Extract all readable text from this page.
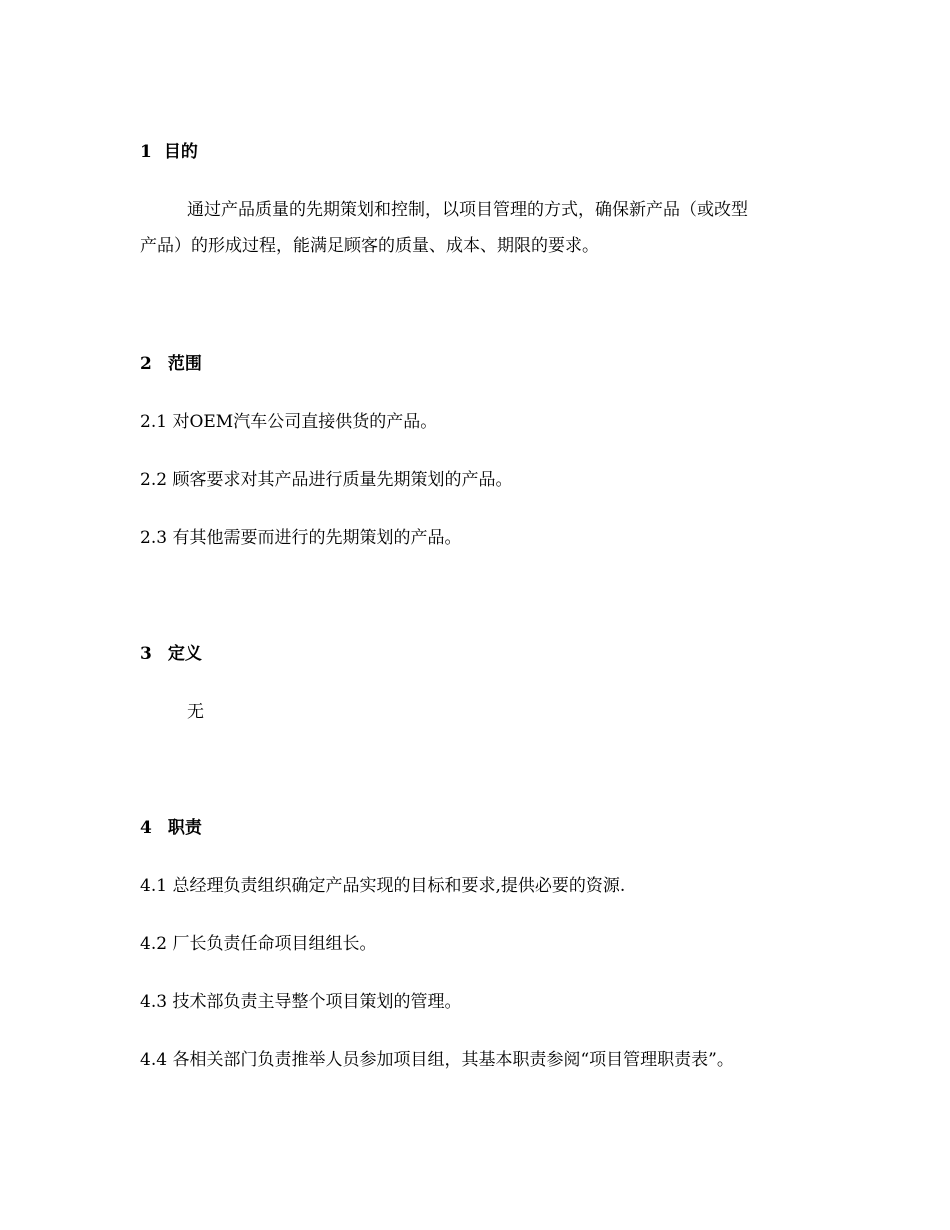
1 目的
通过产品质量的先期策划和控制，以项目管理的方式，确保新产品（或改型
产品）的形成过程，能满足顾客的质量、成本、期限的要求。
2 范围
2.1 对OEM汽车公司直接供货的产品。
2.2 顾客要求对其产品进行质量先期策划的产品。
2.3 有其他需要而进行的先期策划的产品。
3 定义
无
4 职责
4.1 总经理负责组织确定产品实现的目标和要求,提供必要的资源.
4.2 厂长负责任命项目组组长。
4.3 技术部负责主导整个项目策划的管理。
4.4 各相关部门负责推举人员参加项目组，其基本职责参阅“项目管理职责表”。
